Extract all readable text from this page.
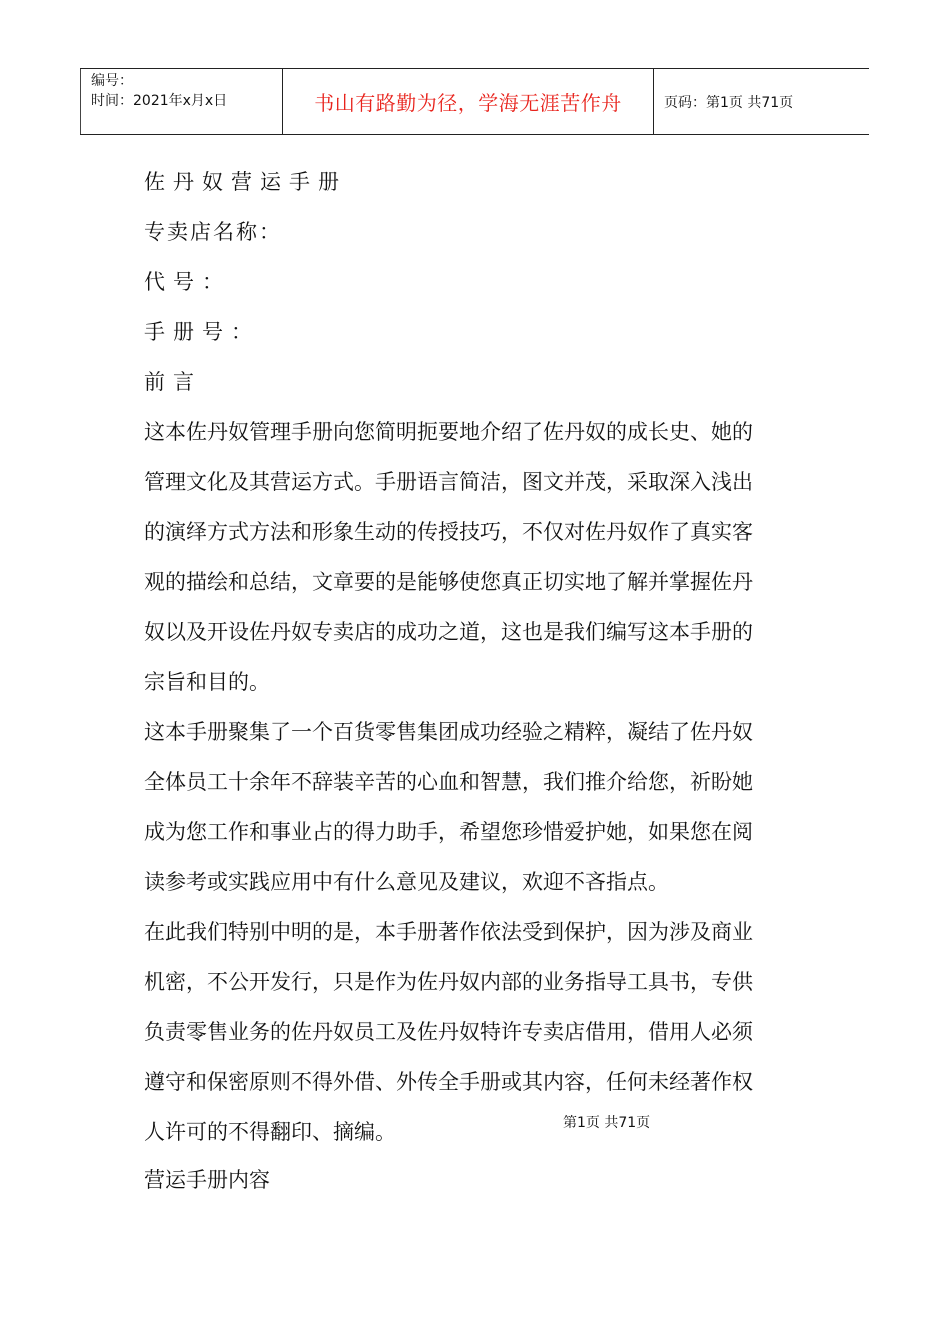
编号：
时间：2021年x月x日	书山有路勤为径，学海无涯苦作舟	页码：第1页 共71页

佐丹奴营运手册

专卖店名称：

代号：

手册号：

前言

这本佐丹奴管理手册向您简明扼要地介绍了佐丹奴的成长史、她的

管理文化及其营运方式。手册语言简洁，图文并茂，采取深入浅出

的演绎方式方法和形象生动的传授技巧，不仅对佐丹奴作了真实客

观的描绘和总结，文章要的是能够使您真正切实地了解并掌握佐丹

奴以及开设佐丹奴专卖店的成功之道，这也是我们编写这本手册的

宗旨和目的。

这本手册聚集了一个百货零售集团成功经验之精粹，凝结了佐丹奴

全体员工十余年不辞装辛苦的心血和智慧，我们推介给您，祈盼她

成为您工作和事业占的得力助手，希望您珍惜爱护她，如果您在阅

读参考或实践应用中有什么意见及建议，欢迎不吝指点。

在此我们特别中明的是，本手册著作依法受到保护，因为涉及商业

机密，不公开发行，只是作为佐丹奴内部的业务指导工具书，专供

负责零售业务的佐丹奴员工及佐丹奴特许专卖店借用，借用人必须

遵守和保密原则不得外借、外传全手册或其内容，任何未经著作权

人许可的不得翻印、摘编。	第1页 共71页

营运手册内容
